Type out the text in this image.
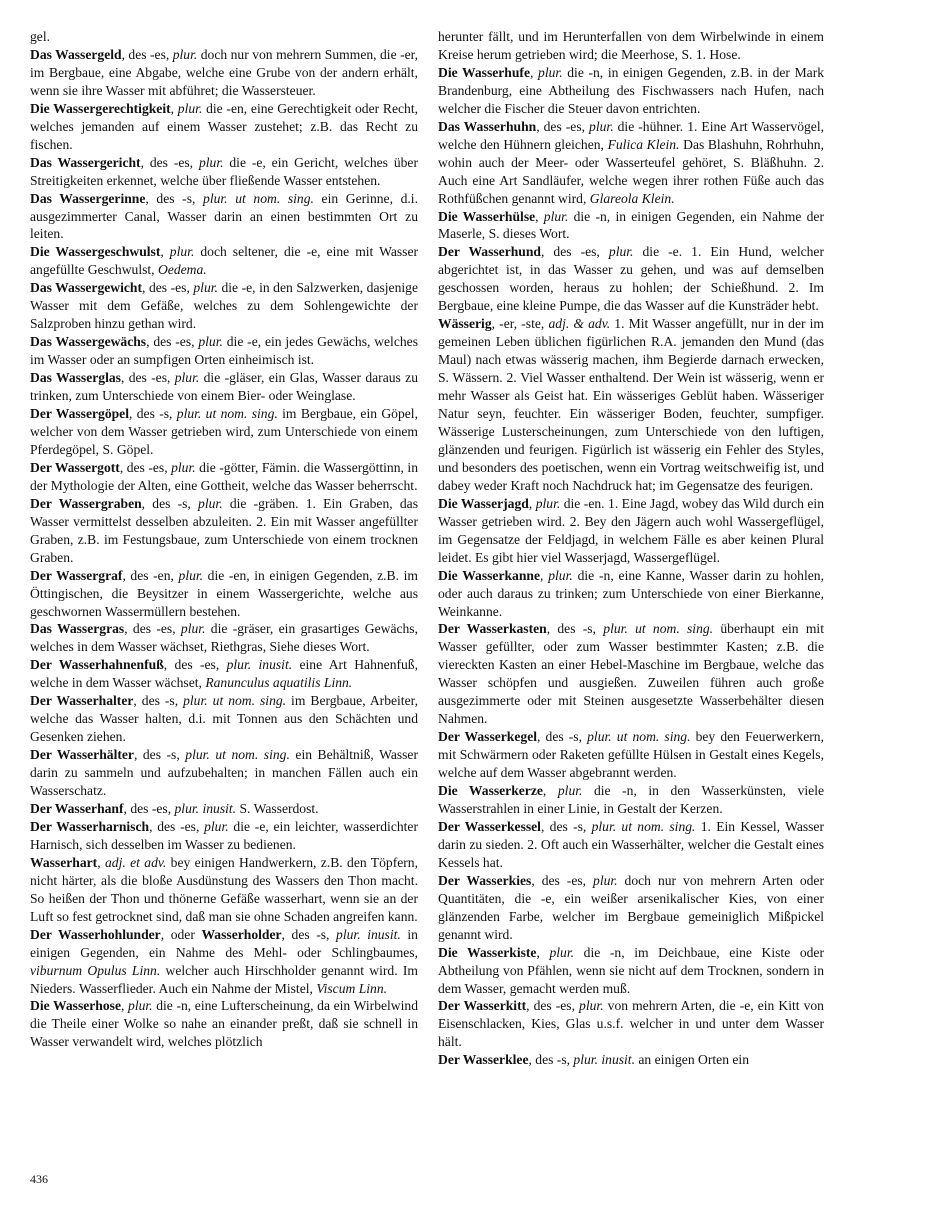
gel.

Das Wassergeld, des -es, plur. doch nur von mehrern Summen, die -er, im Bergbaue, eine Abgabe, welche eine Grube von der andern erhält, wenn sie ihre Wasser mit abführet; die Wassersteuer.

Die Wassergerechtigkeit, plur. die -en, eine Gerechtigkeit oder Recht, welches jemanden auf einem Wasser zustehet; z.B. das Recht zu fischen.

Das Wassergericht, des -es, plur. die -e, ein Gericht, welches über Streitigkeiten erkennet, welche über fließende Wasser entstehen.

Das Wassergerinne, des -s, plur. ut nom. sing. ein Gerinne, d.i. ausgezimmerter Canal, Wasser darin an einen bestimmten Ort zu leiten.

Die Wassergeschwulst, plur. doch seltener, die -e, eine mit Wasser angefüllte Geschwulst, Oedema.

Das Wassergewicht, des -es, plur. die -e, in den Salzwerken, dasjenige Wasser mit dem Gefäße, welches zu dem Sohlengewichte der Salzproben hinzu gethan wird.

Das Wassergewächs, des -es, plur. die -e, ein jedes Gewächs, welches im Wasser oder an sumpfigen Orten einheimisch ist.

Das Wasserglas, des -es, plur. die -gläser, ein Glas, Wasser daraus zu trinken, zum Unterschiede von einem Bier- oder Weinglase.

Der Wassergöpel, des -s, plur. ut nom. sing. im Bergbaue, ein Göpel, welcher von dem Wasser getrieben wird, zum Unterschiede von einem Pferdegöpel, S. Göpel.

Der Wassergott, des -es, plur. die -götter, Fämin. die Wassergöttinn, in der Mythologie der Alten, eine Gottheit, welche das Wasser beherrscht.

Der Wassergraben, des -s, plur. die -gräben. 1. Ein Graben, das Wasser vermittelst desselben abzuleiten. 2. Ein mit Wasser angefüllter Graben, z.B. im Festungsbaue, zum Unterschiede von einem trocknen Graben.

Der Wassergraf, des -en, plur. die -en, in einigen Gegenden, z.B. im Öttingischen, die Beysitzer in einem Wassergerichte, welche aus geschwornen Wassermüllern bestehen.

Das Wassergras, des -es, plur. die -gräser, ein grasartiges Gewächs, welches in dem Wasser wächset, Riethgras, Siehe dieses Wort.

Der Wasserhahnenfuß, des -es, plur. inusit. eine Art Hahnenfuß, welche in dem Wasser wächset, Ranunculus aquatilis Linn.

Der Wasserhalter, des -s, plur. ut nom. sing. im Bergbaue, Arbeiter, welche das Wasser halten, d.i. mit Tonnen aus den Schächten und Gesenken ziehen.

Der Wasserhälter, des -s, plur. ut nom. sing. ein Behältniß, Wasser darin zu sammeln und aufzubehalten; in manchen Fällen auch ein Wasserschatz.

Der Wasserhanf, des -es, plur. inusit. S. Wasserdost.

Der Wasserharnisch, des -es, plur. die -e, ein leichter, wasserdichter Harnisch, sich desselben im Wasser zu bedienen.

Wasserhart, adj. et adv. bey einigen Handwerkern, z.B. den Töpfern, nicht härter, als die bloße Ausdünstung des Wassers den Thon macht. So heißen der Thon und thönerne Gefäße wasserhart, wenn sie an der Luft so fest getrocknet sind, daß man sie ohne Schaden angreifen kann.

Der Wasserhohlunder, oder Wasserholder, des -s, plur. inusit. in einigen Gegenden, ein Nahme des Mehl- oder Schlingbaumes, viburnum Opulus Linn. welcher auch Hirschholder genannt wird. Im Nieders. Wasserflieder. Auch ein Nahme der Mistel, Viscum Linn.

Die Wasserhose, plur. die -n, eine Lufterscheinung, da ein Wirbelwind die Theile einer Wolke so nahe an einander preßt, daß sie schnell in Wasser verwandelt wird, welches plötzlich

herunter fällt, und im Herunterfallen von dem Wirbelwinde in einem Kreise herum getrieben wird; die Meerhose, S. 1. Hose.

Die Wasserhufe, plur. die -n, in einigen Gegenden, z.B. in der Mark Brandenburg, eine Abtheilung des Fischwassers nach Hufen, nach welcher die Fischer die Steuer davon entrichten.

Das Wasserhuhn, des -es, plur. die -hühner. 1. Eine Art Wasservögel, welche den Hühnern gleichen, Fulica Klein. Das Blashuhn, Rohrhuhn, wohin auch der Meer- oder Wasserteufel gehöret, S. Bläßhuhn. 2. Auch eine Art Sandläufer, welche wegen ihrer rothen Füße auch das Rothfüßchen genannt wird, Glareola Klein.

Die Wasserhülse, plur. die -n, in einigen Gegenden, ein Nahme der Maserle, S. dieses Wort.

Der Wasserhund, des -es, plur. die -e. 1. Ein Hund, welcher abgerichtet ist, in das Wasser zu gehen, und was auf demselben geschossen worden, heraus zu hohlen; der Schießhund. 2. Im Bergbaue, eine kleine Pumpe, die das Wasser auf die Kunsträder hebt.

Wässerig, -er, -ste, adj. & adv. 1. Mit Wasser angefüllt, nur in der im gemeinen Leben üblichen figürlichen R.A. jemanden den Mund (das Maul) nach etwas wässerig machen, ihm Begierde darnach erwecken, S. Wässern. 2. Viel Wasser enthaltend. Der Wein ist wässerig, wenn er mehr Wasser als Geist hat. Ein wässeriges Geblüt haben. Wässeriger Natur seyn, feuchter. Ein wässeriger Boden, feuchter, sumpfiger. Wässerige Lusterscheinungen, zum Unterschiede von den luftigen, glänzenden und feurigen. Figürlich ist wässerig ein Fehler des Styles, und besonders des poetischen, wenn ein Vortrag weitschweifig ist, und dabey weder Kraft noch Nachdruck hat; im Gegensatze des feurigen.

Die Wasserjagd, plur. die -en. 1. Eine Jagd, wobey das Wild durch ein Wasser getrieben wird. 2. Bey den Jägern auch wohl Wassergeflügel, im Gegensatze der Feldjagd, in welchem Fälle es aber keinen Plural leidet. Es gibt hier viel Wasserjagd, Wassergeflügel.

Die Wasserkanne, plur. die -n, eine Kanne, Wasser darin zu hohlen, oder auch daraus zu trinken; zum Unterschiede von einer Bierkanne, Weinkanne.

Der Wasserkasten, des -s, plur. ut nom. sing. überhaupt ein mit Wasser gefüllter, oder zum Wasser bestimmter Kasten; z.B. die viereckten Kasten an einer Hebel-Maschine im Bergbaue, welche das Wasser schöpfen und ausgießen. Zuweilen führen auch große ausgezimmerte oder mit Steinen ausgesetzte Wasserbehälter diesen Nahmen.

Der Wasserkegel, des -s, plur. ut nom. sing. bey den Feuerwerkern, mit Schwärmern oder Raketen gefüllte Hülsen in Gestalt eines Kegels, welche auf dem Wasser abgebrannt werden.

Die Wasserkerze, plur. die -n, in den Wasserkünsten, viele Wasserstrahlen in einer Linie, in Gestalt der Kerzen.

Der Wasserkessel, des -s, plur. ut nom. sing. 1. Ein Kessel, Wasser darin zu sieden. 2. Oft auch ein Wasserhälter, welcher die Gestalt eines Kessels hat.

Der Wasserkies, des -es, plur. doch nur von mehrern Arten oder Quantitäten, die -e, ein weißer arsenikalischer Kies, von einer glänzenden Farbe, welcher im Bergbaue gemeiniglich Mißpickel genannt wird.

Die Wasserkiste, plur. die -n, im Deichbaue, eine Kiste oder Abtheilung von Pfählen, wenn sie nicht auf dem Trocknen, sondern in dem Wasser, gemacht werden muß.

Der Wasserkitt, des -es, plur. von mehrern Arten, die -e, ein Kitt von Eisenschlacken, Kies, Glas u.s.f. welcher in und unter dem Wasser hält.

Der Wasserklee, des -s, plur. inusit. an einigen Orten ein

436
